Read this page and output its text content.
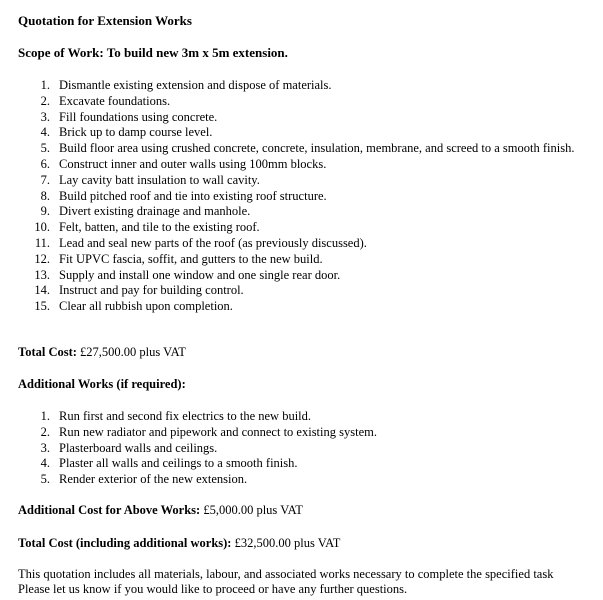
Quotation for Extension Works
Scope of Work: To build new 3m x 5m extension.
1. Dismantle existing extension and dispose of materials.
2. Excavate foundations.
3. Fill foundations using concrete.
4. Brick up to damp course level.
5. Build floor area using crushed concrete, concrete, insulation, membrane, and screed to a smooth finish.
6. Construct inner and outer walls using 100mm blocks.
7. Lay cavity batt insulation to wall cavity.
8. Build pitched roof and tie into existing roof structure.
9. Divert existing drainage and manhole.
10. Felt, batten, and tile to the existing roof.
11. Lead and seal new parts of the roof (as previously discussed).
12. Fit UPVC fascia, soffit, and gutters to the new build.
13. Supply and install one window and one single rear door.
14. Instruct and pay for building control.
15. Clear all rubbish upon completion.
Total Cost: £27,500.00 plus VAT
Additional Works (if required):
1. Run first and second fix electrics to the new build.
2. Run new radiator and pipework and connect to existing system.
3. Plasterboard walls and ceilings.
4. Plaster all walls and ceilings to a smooth finish.
5. Render exterior of the new extension.
Additional Cost for Above Works: £5,000.00 plus VAT
Total Cost (including additional works): £32,500.00 plus VAT
This quotation includes all materials, labour, and associated works necessary to complete the specified task
Please let us know if you would like to proceed or have any further questions.
